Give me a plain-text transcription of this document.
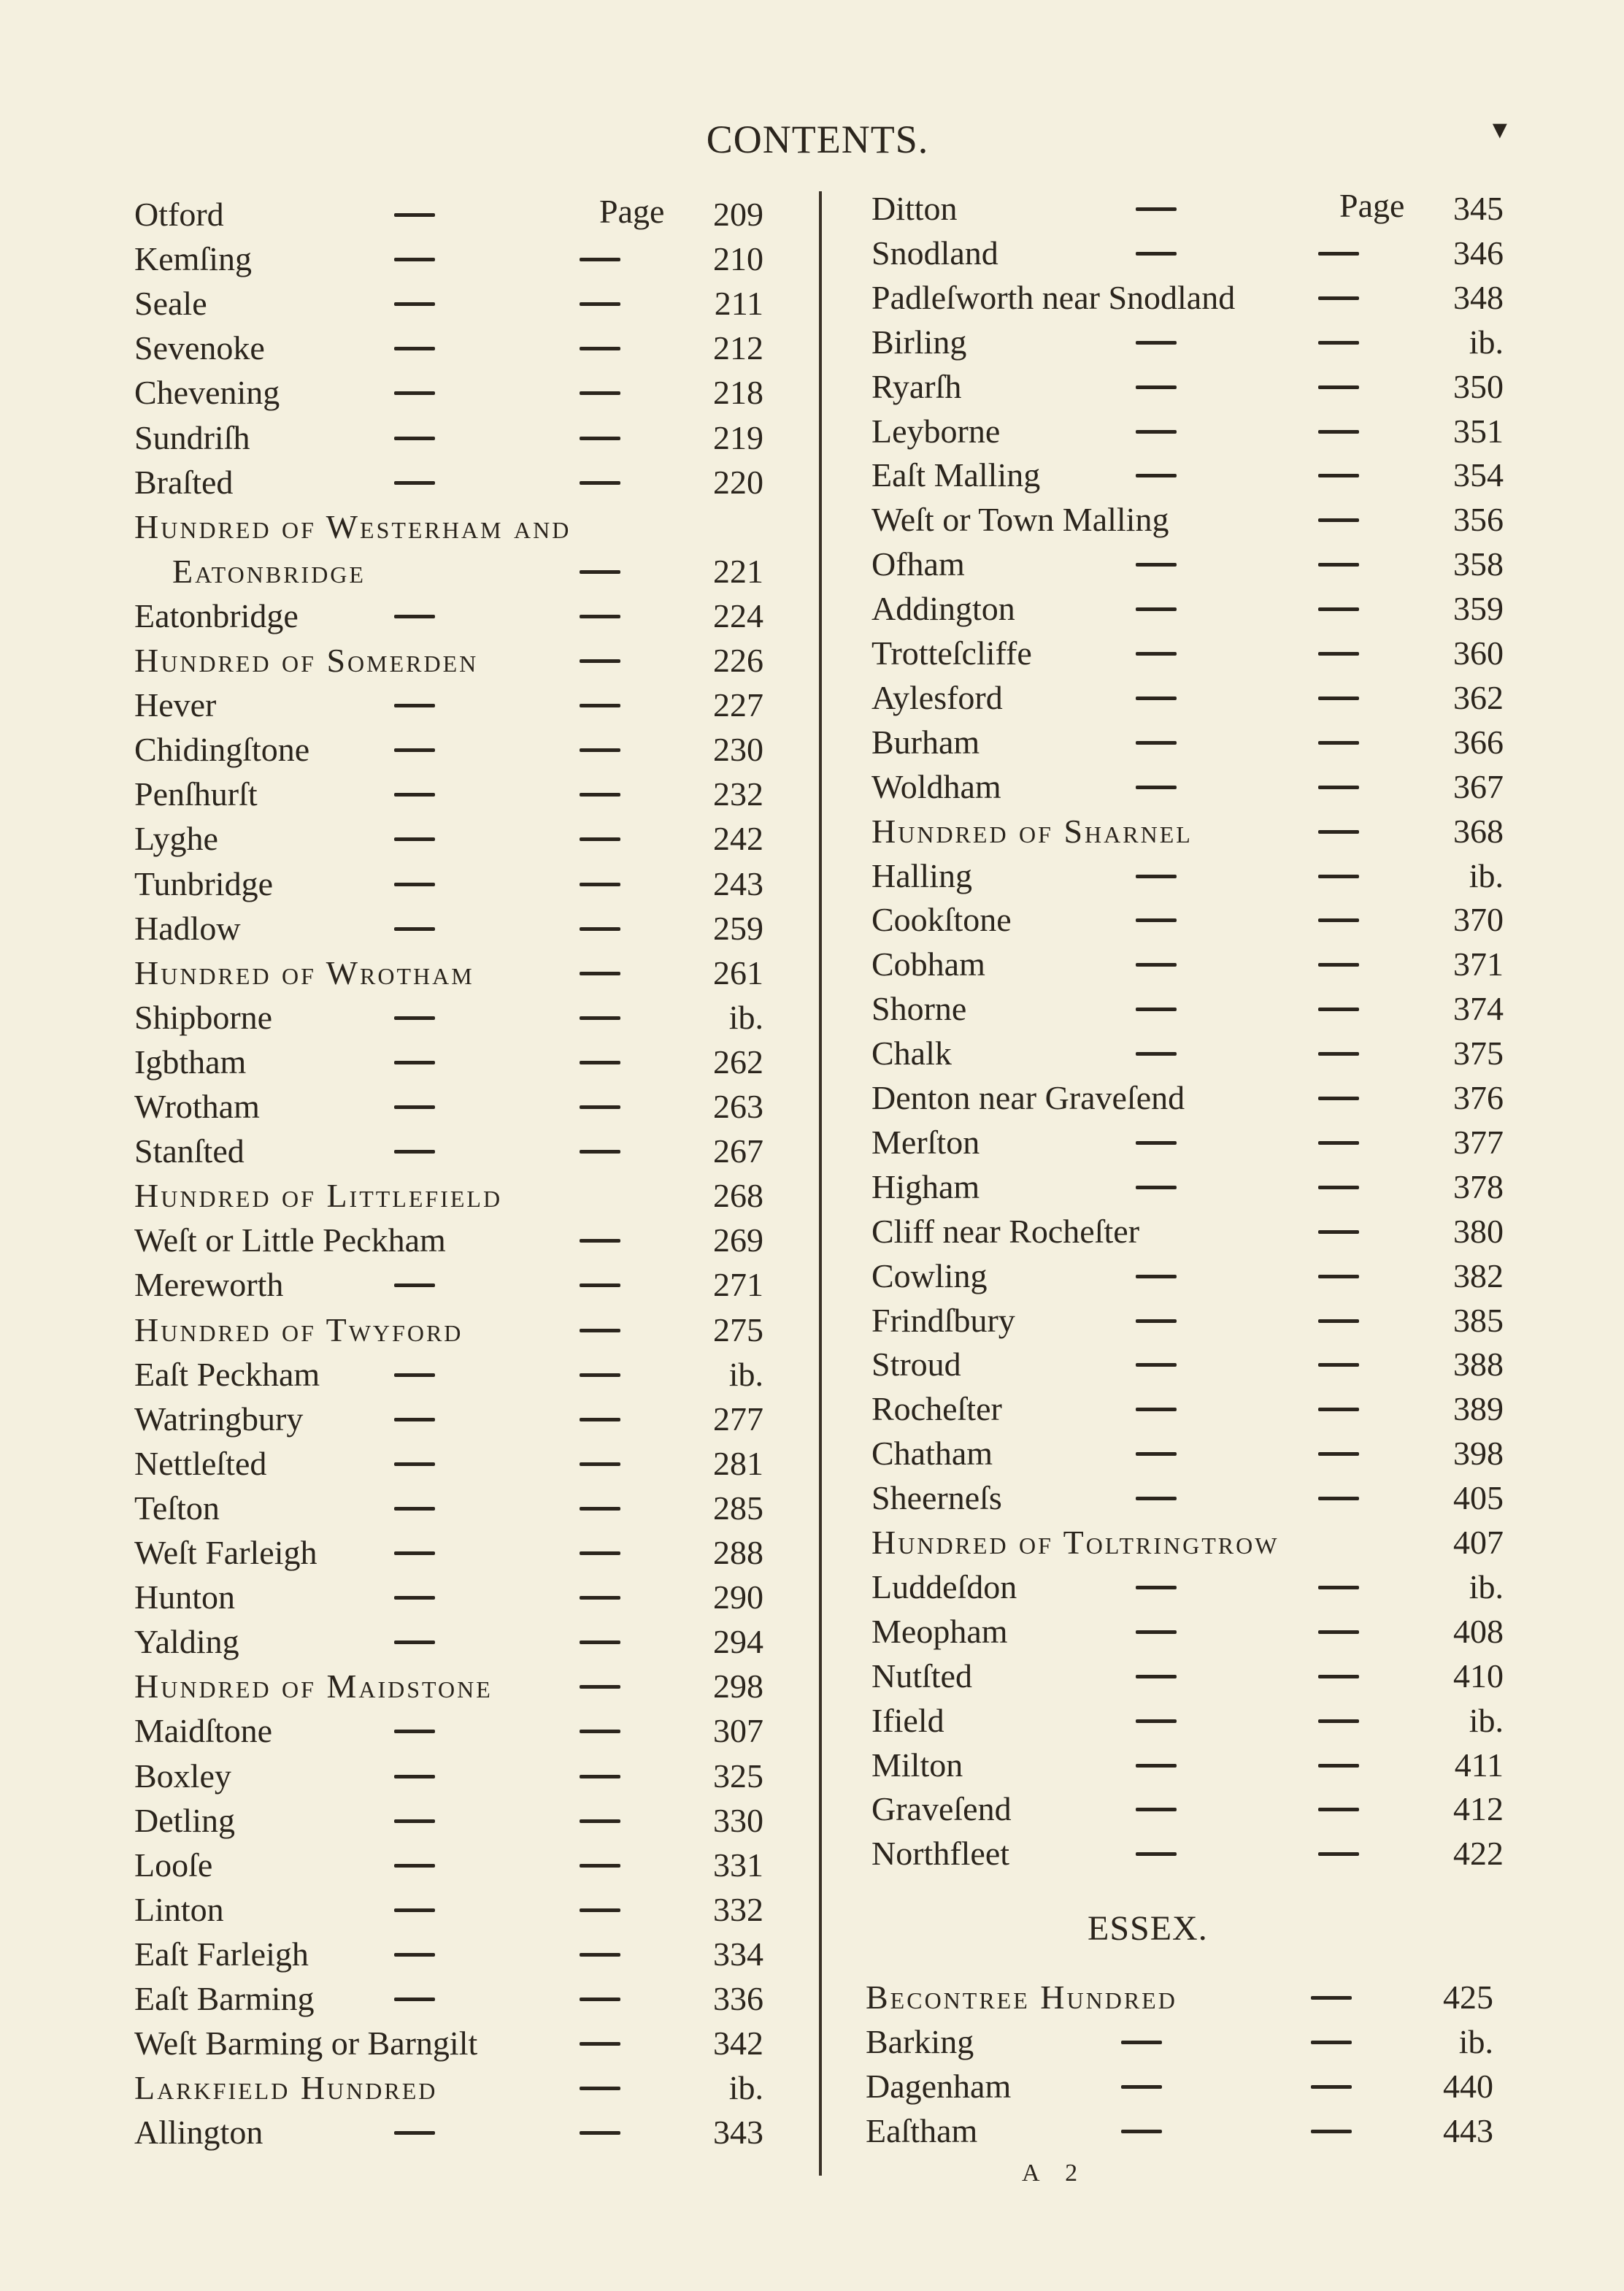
CONTENTS.	▼
Otford	Page	209
Kemſing	210
Seale	211
Sevenoke	212
Chevening	218
Sundriſh	219
Braſted	220
Hundred of Westerham and
Eatonbridge	221
Eatonbridge	224
Hundred of Somerden	226
Hever	227
Chidingſtone	230
Penſhurſt	232
Lyghe	242
Tunbridge	243
Hadlow	259
Hundred of Wrotham	261
Shipborne	ib.
Igbtham	262
Wrotham	263
Stanſted	267
Hundred of Littlefield	268
Weſt or Little Peckham	269
Mereworth	271
Hundred of Twyford	275
Eaſt Peckham	ib.
Watringbury	277
Nettleſted	281
Teſton	285
Weſt Farleigh	288
Hunton	290
Yalding	294
Hundred of Maidstone	298
Maidſtone	307
Boxley	325
Detling	330
Looſe	331
Linton	332
Eaſt Farleigh	334
Eaſt Barming	336
Weſt Barming or Barngilt	342
Larkfield Hundred	ib.
Allington	343
Ditton	Page	345
Snodland	346
Padleſworth near Snodland	348
Birling	ib.
Ryarſh	350
Leyborne	351
Eaſt Malling	354
Weſt or Town Malling	356
Ofham	358
Addington	359
Trotteſcliffe	360
Aylesford	362
Burham	366
Woldham	367
Hundred of Sharnel	368
Halling	ib.
Cookſtone	370
Cobham	371
Shorne	374
Chalk	375
Denton near Graveſend	376
Merſton	377
Higham	378
Cliff near Rocheſter	380
Cowling	382
Frindſbury	385
Stroud	388
Rocheſter	389
Chatham	398
Sheerneſs	405
Hundred of Toltringtrow	407
Luddeſdon	ib.
Meopham	408
Nutſted	410
Ifield	ib.
Milton	411
Graveſend	412
Northfleet	422
ESSEX.
Becontree Hundred	425
Barking	ib.
Dagenham	440
Eaſtham	443
A 2
